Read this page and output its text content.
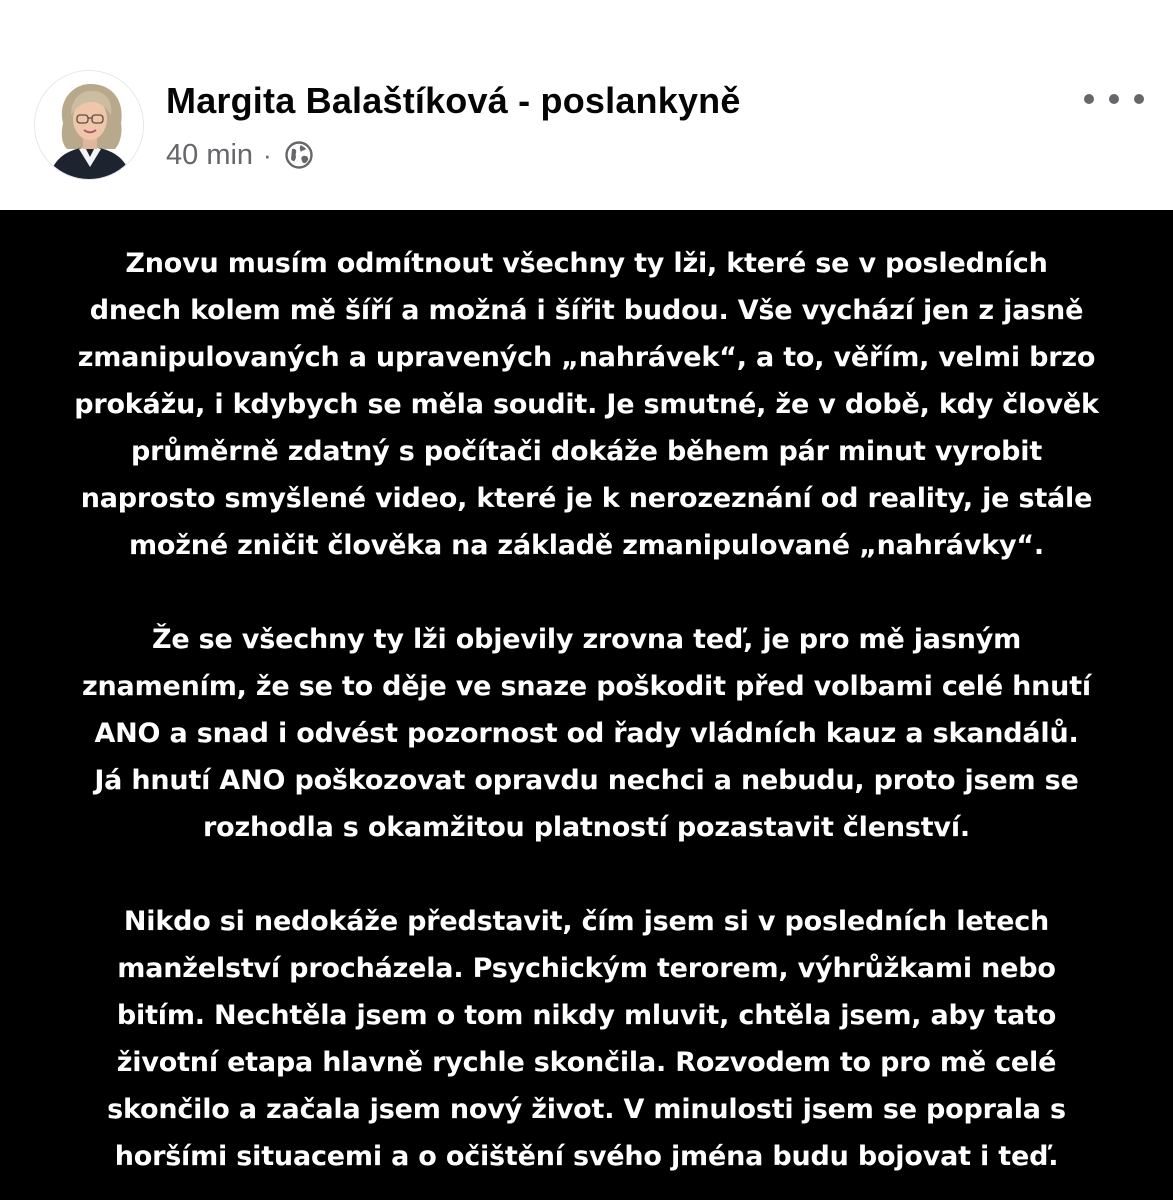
Margita Balaštíková - poslankyně
40 min ·

Znovu musím odmítnout všechny ty lži, které se v posledních
dnech kolem mě šíří a možná i šířit budou. Vše vychází jen z jasně
zmanipulovaných a upravených „nahrávek“, a to, věřím, velmi brzo
prokážu, i kdybych se měla soudit. Je smutné, že v době, kdy člověk
průměrně zdatný s počítači dokáže během pár minut vyrobit
naprosto smyšlené video, které je k nerozeznání od reality, je stále
možné zničit člověka na základě zmanipulované „nahrávky“.

Že se všechny ty lži objevily zrovna teď, je pro mě jasným
znamením, že se to děje ve snaze poškodit před volbami celé hnutí
ANO a snad i odvést pozornost od řady vládních kauz a skandálů.
Já hnutí ANO poškozovat opravdu nechci a nebudu, proto jsem se
rozhodla s okamžitou platností pozastavit členství.

Nikdo si nedokáže představit, čím jsem si v posledních letech
manželství procházela. Psychickým terorem, výhrůžkami nebo
bitím. Nechtěla jsem o tom nikdy mluvit, chtěla jsem, aby tato
životní etapa hlavně rychle skončila. Rozvodem to pro mě celé
skončilo a začala jsem nový život. V minulosti jsem se poprala s
horšími situacemi a o očištění svého jména budu bojovat i teď.
